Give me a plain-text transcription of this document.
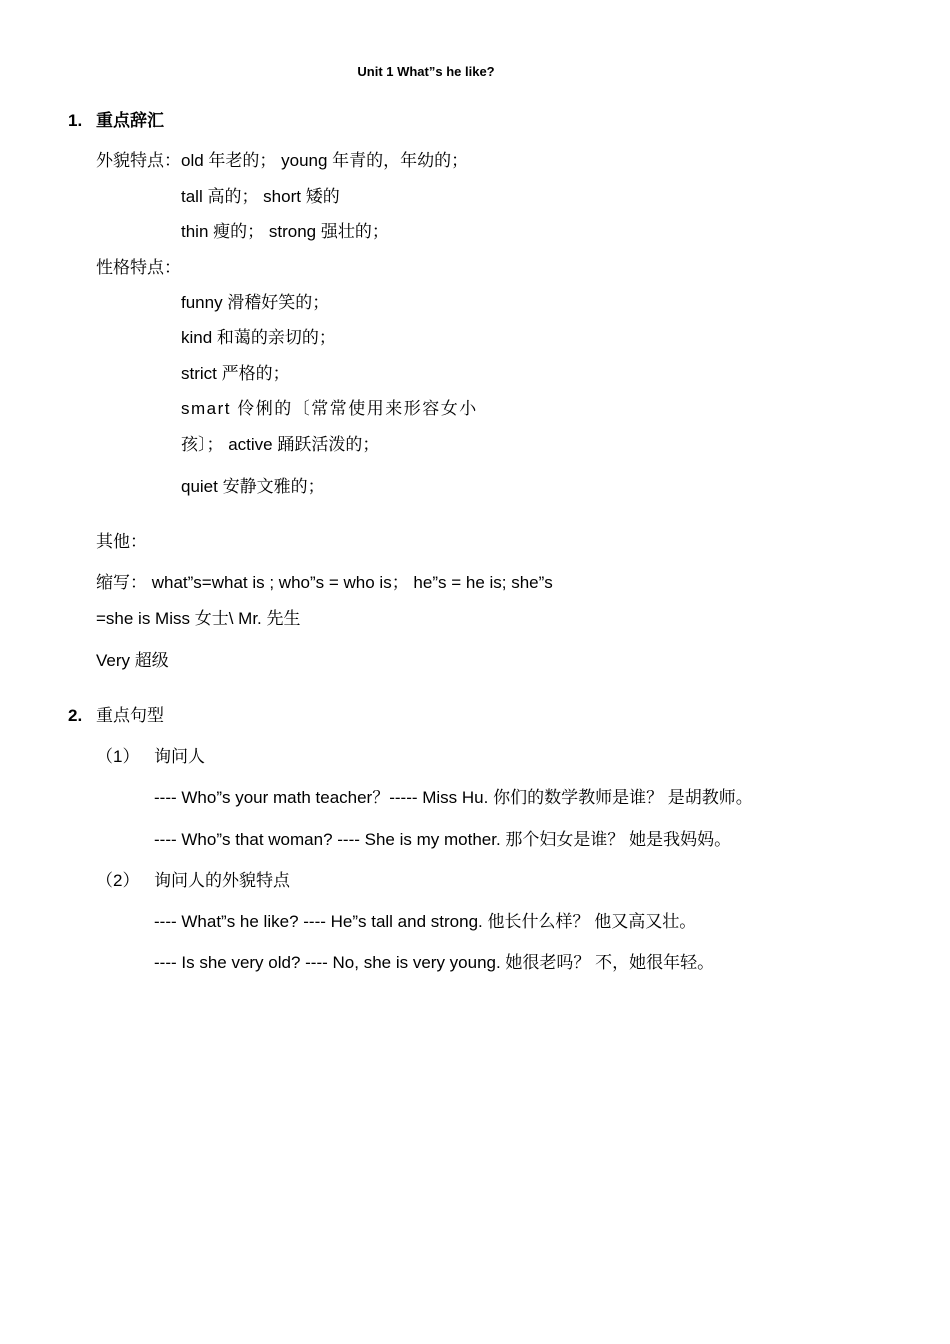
Unit 1 What”s he like?
1. 重点辞汇
外貌特点：old 年老的； young 年青的，年幼的；
tall 高的； short 矮的
thin 瘦的； strong 强壮的；
性格特点：
funny 滑稽好笑的；
kind 和蔼的亲切的；
strict 严格的；
smart 伶俐的〔常常使用来形容女小
孩〕； active 踊跃活泼的；
quiet 安静文雅的；
其他：
缩写： what”s=what is ; who”s = who is； he”s = he is; she”s
=she is Miss 女士\ Mr. 先生
Very 超级
2. 重点句型
（1） 询问人
---- Who”s your math teacher？----- Miss Hu. 你们的数学教师是谁？ 是胡教师。
---- Who”s that woman? ---- She is my mother. 那个妇女是谁？ 她是我妈妈。
（2） 询问人的外貌特点
---- What”s he like? ---- He”s tall and strong. 他长什么样？ 他又高又壮。
---- Is she very old? ---- No, she is very young. 她很老吗？ 不，她很年轻。
